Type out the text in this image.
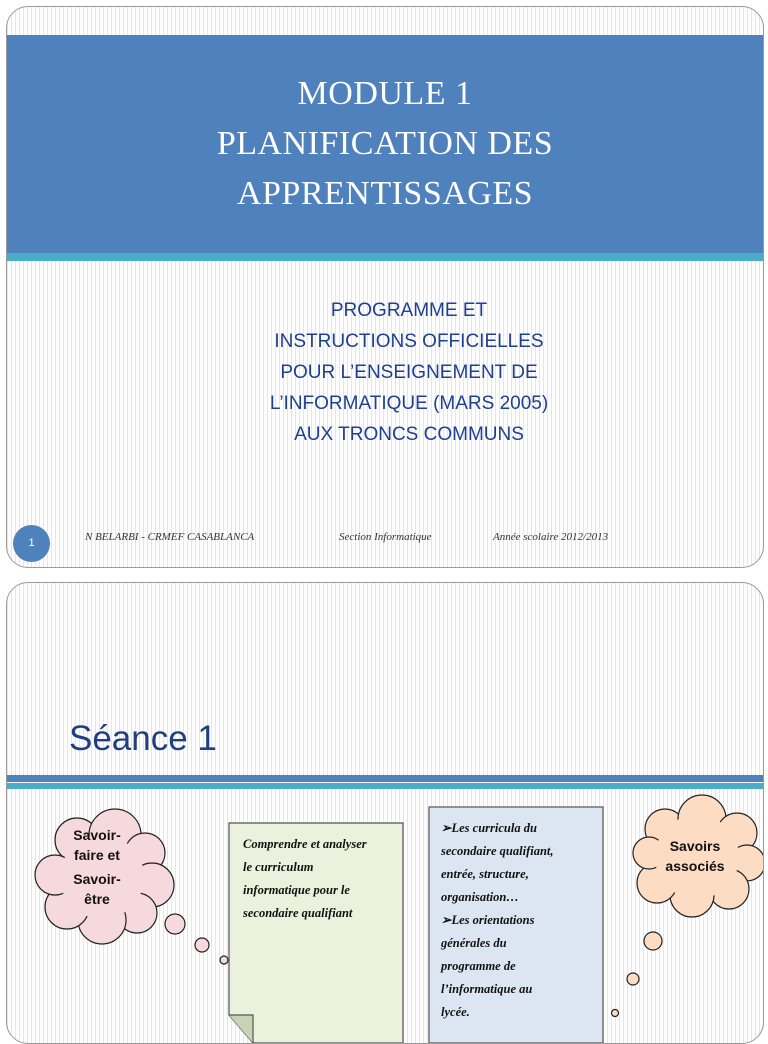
MODULE 1
PLANIFICATION DES
APPRENTISSAGES
PROGRAMME ET
INSTRUCTIONS OFFICIELLES
POUR L’ENSEIGNEMENT DE
L’INFORMATIQUE (MARS 2005)
AUX TRONCS COMMUNS
1	N BELARBI - CRMEF CASABLANCA	Section Informatique	Année scolaire 2012/2013
Séance 1
Savoir-
faire et
Savoir-
être
Comprendre et analyser
le curriculum
informatique pour le
secondaire qualifiant
➢Les curricula du
secondaire qualifiant,
entrée, structure,
organisation…
➢Les orientations
générales du
programme de
l’informatique au
lycée.
Savoirs
associés
